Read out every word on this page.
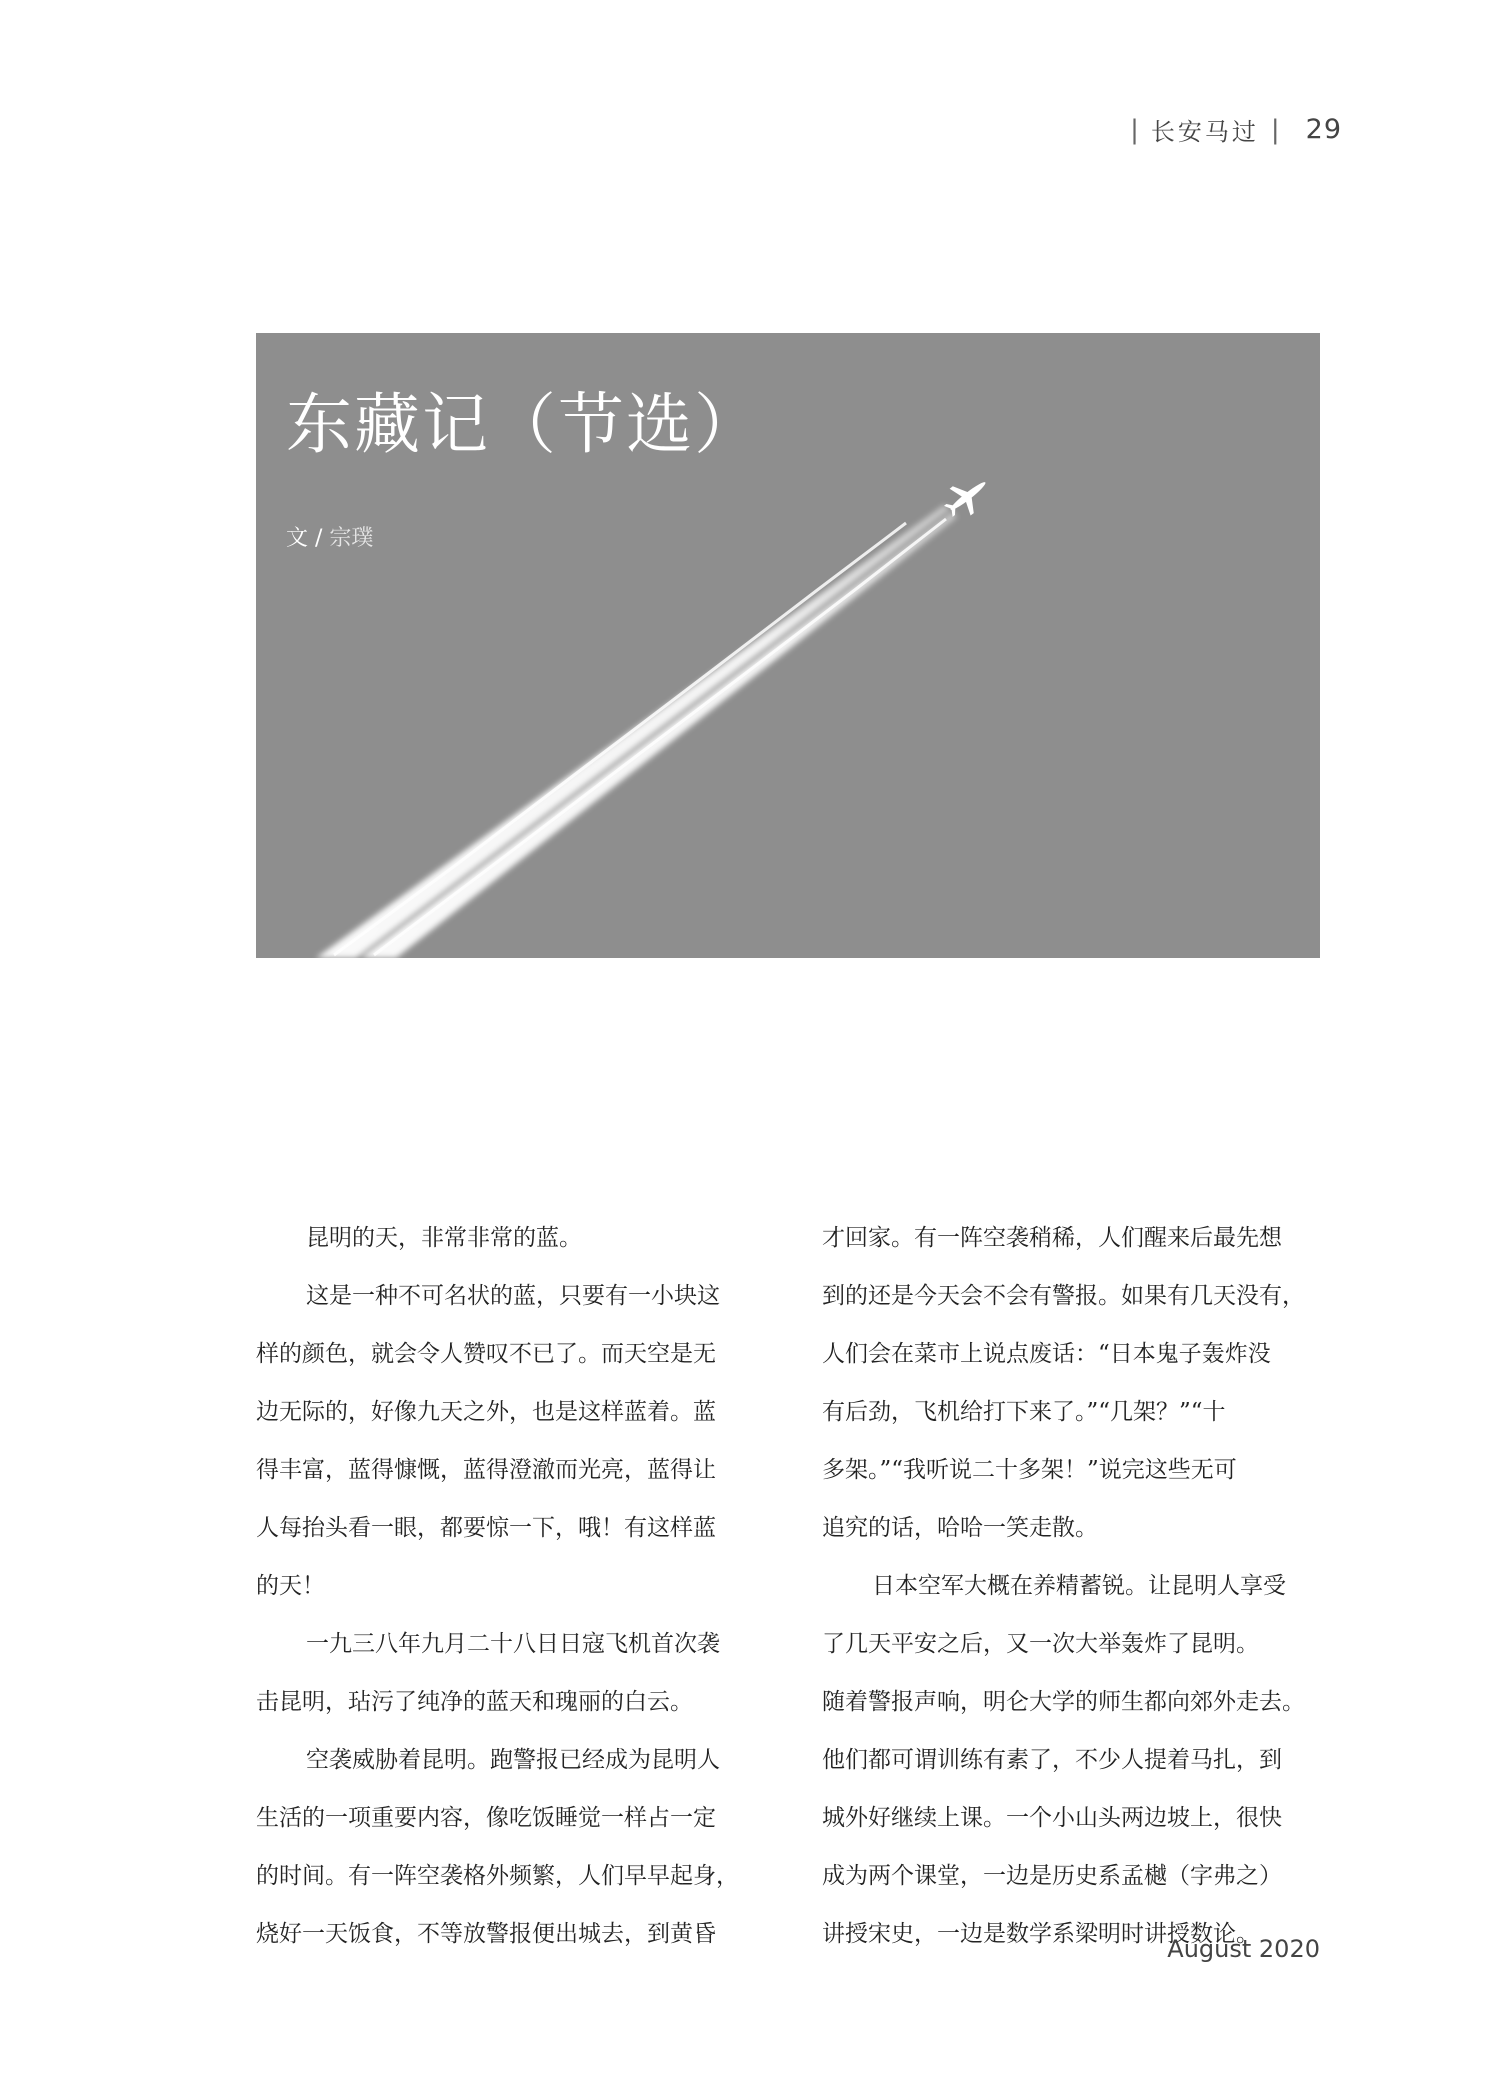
| 长安马过 | 29
东藏记（节选）
文 / 宗璞
昆明的天，非常非常的蓝。
这是一种不可名状的蓝，只要有一小块这
样的颜色，就会令人赞叹不已了。而天空是无
边无际的，好像九天之外，也是这样蓝着。蓝
得丰富，蓝得慷慨，蓝得澄澈而光亮，蓝得让
人每抬头看一眼，都要惊一下，哦！有这样蓝
的天！
一九三八年九月二十八日日寇飞机首次袭
击昆明，玷污了纯净的蓝天和瑰丽的白云。
空袭威胁着昆明。跑警报已经成为昆明人
生活的一项重要内容，像吃饭睡觉一样占一定
的时间。有一阵空袭格外频繁，人们早早起身，
烧好一天饭食，不等放警报便出城去，到黄昏
才回家。有一阵空袭稍稀，人们醒来后最先想
到的还是今天会不会有警报。如果有几天没有，
人们会在菜市上说点废话：“日本鬼子轰炸没
有后劲，飞机给打下来了。”“几架？”“十
多架。”“我听说二十多架！”说完这些无可
追究的话，哈哈一笑走散。
日本空军大概在养精蓄锐。让昆明人享受
了几天平安之后，又一次大举轰炸了昆明。
随着警报声响，明仑大学的师生都向郊外走去。
他们都可谓训练有素了，不少人提着马扎，到
城外好继续上课。一个小山头两边坡上，很快
成为两个课堂，一边是历史系孟樾（字弗之）
讲授宋史，一边是数学系梁明时讲授数论。
August 2020
